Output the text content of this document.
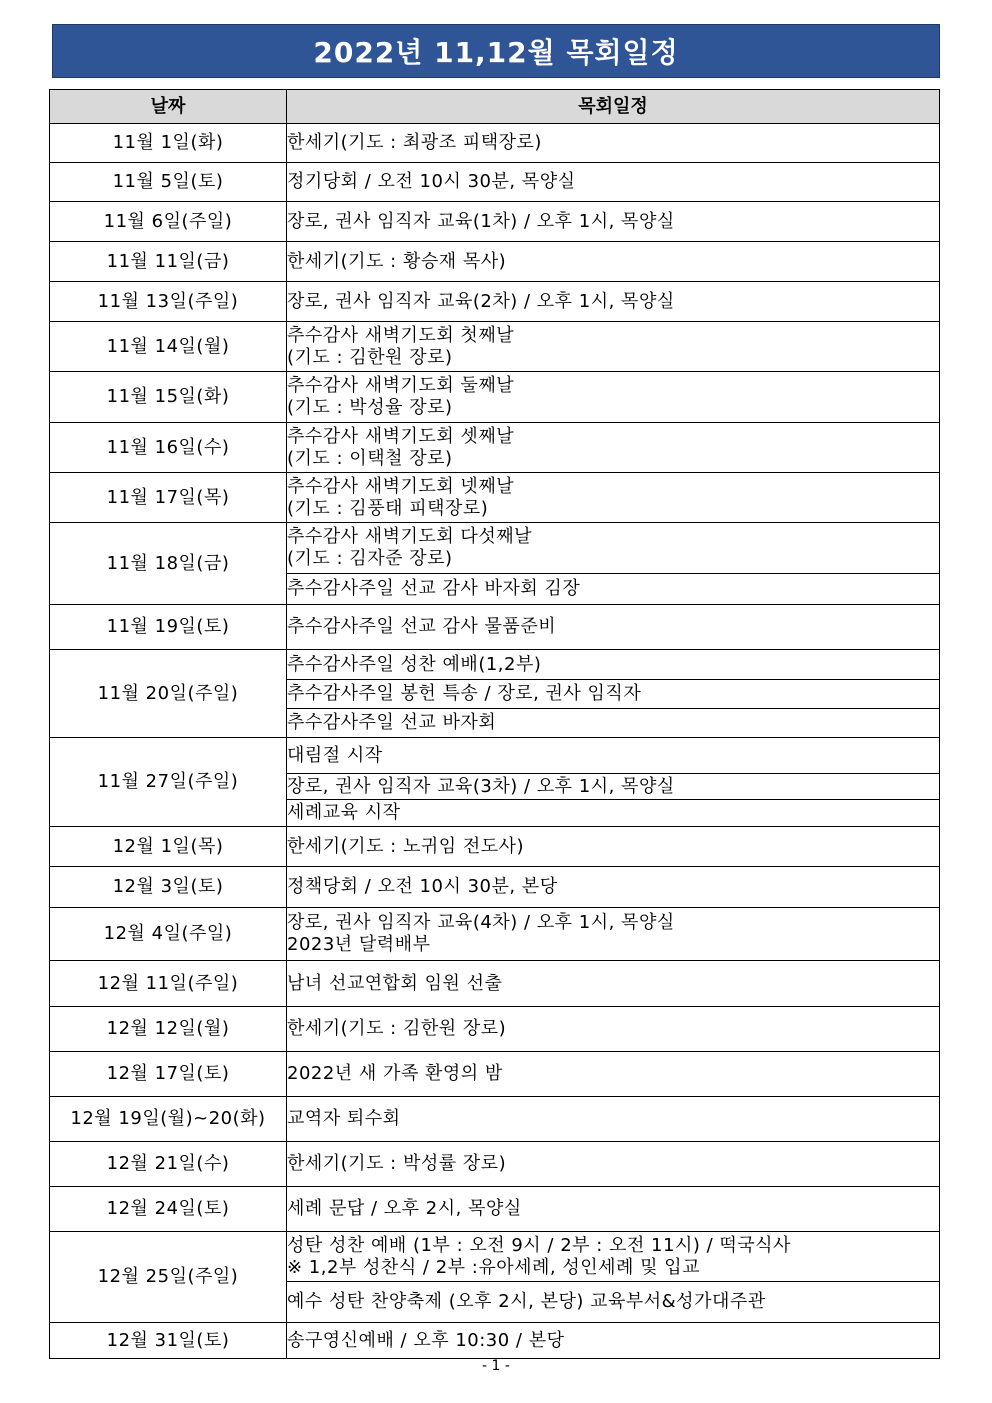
2022년 11,12월 목회일정
날짜	목회일정
11월 1일(화)	한세기(기도 : 최광조 피택장로)

11월 5일(토)	정기당회 / 오전 10시 30분, 목양실

11월 6일(주일)	장로, 권사 임직자 교육(1차) / 오후 1시, 목양실

11월 11일(금)	한세기(기도 : 황승재 목사)

11월 13일(주일)	장로, 권사 임직자 교육(2차) / 오후 1시, 목양실

11월 14일(월)	추수감사 새벽기도회 첫째날
(기도 : 김한원 장로)

11월 15일(화)	추수감사 새벽기도회 둘째날
(기도 : 박성율 장로)

11월 16일(수)	추수감사 새벽기도회 셋째날
(기도 : 이택철 장로)

11월 17일(목)	추수감사 새벽기도회 넷째날
(기도 : 김풍태 피택장로)

11월 18일(금)	추수감사 새벽기도회 다섯째날
(기도 : 김자준 장로)

	추수감사주일 선교 감사 바자회 김장

11월 19일(토)	추수감사주일 선교 감사 물품준비

11월 20일(주일)	추수감사주일 성찬 예배(1,2부)

	추수감사주일 봉헌 특송 / 장로, 권사 임직자

	추수감사주일 선교 바자회

11월 27일(주일)	대림절 시작

	장로, 권사 임직자 교육(3차) / 오후 1시, 목양실

	세례교육 시작

12월 1일(목)	한세기(기도 : 노귀임 전도사)

12월 3일(토)	정책당회 / 오전 10시 30분, 본당

12월 4일(주일)	장로, 권사 임직자 교육(4차) / 오후 1시, 목양실
2023년 달력배부

12월 11일(주일)	남녀 선교연합회 임원 선출

12월 12일(월)	한세기(기도 : 김한원 장로)

12월 17일(토)	2022년 새 가족 환영의 밤

12월 19일(월)~20(화)	교역자 퇴수회

12월 21일(수)	한세기(기도 : 박성률 장로)

12월 24일(토)	세례 문답 / 오후 2시, 목양실

12월 25일(주일)	성탄 성찬 예배 (1부 : 오전 9시 / 2부 : 오전 11시) / 떡국식사
※ 1,2부 성찬식 / 2부 :유아세례, 성인세례 및 입교

	예수 성탄 찬양축제 (오후 2시, 본당) 교육부서&성가대주관

12월 31일(토)	송구영신예배 / 오후 10:30 / 본당
- 1 -
